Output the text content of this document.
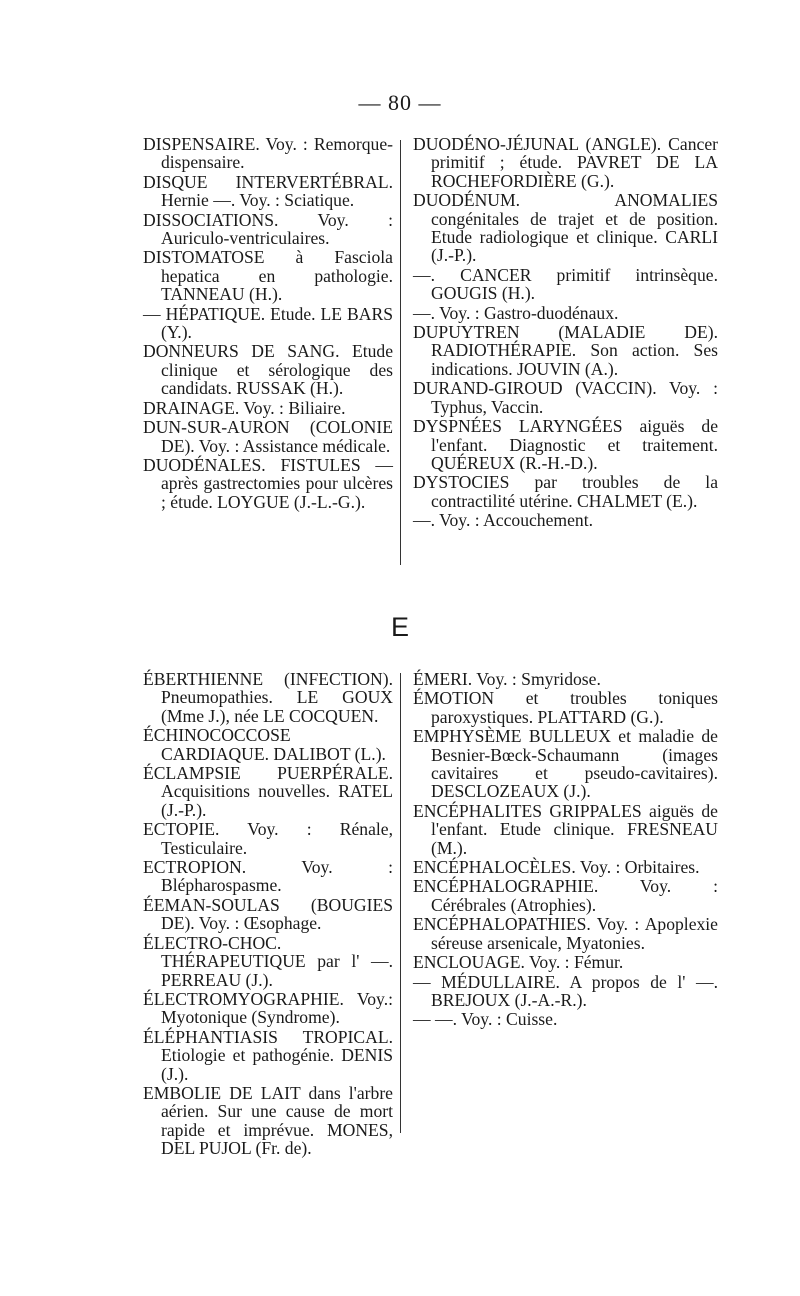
— 80 —

DISPENSAIRE. Voy. : Remorque-dispensaire.

DISQUE INTERVERTÉBRAL. Hernie —. Voy. : Sciatique.

DISSOCIATIONS. Voy. : Auriculo-ventriculaires.

DISTOMATOSE à Fasciola hepatica en pathologie. TANNEAU (H.).

— HÉPATIQUE. Etude. LE BARS (Y.).

DONNEURS DE SANG. Etude clinique et sérologique des candidats. RUSSAK (H.).

DRAINAGE. Voy. : Biliaire.

DUN-SUR-AURON (COLONIE DE). Voy. : Assistance médicale.

DUODÉNALES. FISTULES — après gastrectomies pour ulcères ; étude. LOYGUE (J.-L.-G.).

DUODÉNO-JÉJUNAL (ANGLE). Cancer primitif ; étude. PAVRET DE LA ROCHEFORDIÈRE (G.).

DUODÉNUM. ANOMALIES congénitales de trajet et de position. Etude radiologique et clinique. CARLI (J.-P.).

—. CANCER primitif intrinsèque. GOUGIS (H.).

—. Voy. : Gastro-duodénaux.

DUPUYTREN (MALADIE DE). RADIOTHÉRAPIE. Son action. Ses indications. JOUVIN (A.).

DURAND-GIROUD (VACCIN). Voy. : Typhus, Vaccin.

DYSPNÉES LARYNGÉES aiguës de l'enfant. Diagnostic et traitement. QUÉREUX (R.-H.-D.).

DYSTOCIES par troubles de la contractilité utérine. CHALMET (E.).

—. Voy. : Accouchement.

E

ÉBERTHIENNE (INFECTION). Pneumopathies. LE GOUX (Mme J.), née LE COCQUEN.

ÉCHINOCOCCOSE CARDIAQUE. DALIBOT (L.).

ÉCLAMPSIE PUERPÉRALE. Acquisitions nouvelles. RATEL (J.-P.).

ECTOPIE. Voy. : Rénale, Testiculaire.

ECTROPION. Voy. : Blépharospasme.

ÉEMAN-SOULAS (BOUGIES DE). Voy. : Œsophage.

ÉLECTRO-CHOC. THÉRAPEUTIQUE par l' —. PERREAU (J.).

ÉLECTROMYOGRAPHIE. Voy.: Myotonique (Syndrome).

ÉLÉPHANTIASIS TROPICAL. Etiologie et pathogénie. DENIS (J.).

EMBOLIE DE LAIT dans l'arbre aérien. Sur une cause de mort rapide et imprévue. MONES, DEL PUJOL (Fr. de).

ÉMERI. Voy. : Smyridose.

ÉMOTION et troubles toniques paroxystiques. PLATTARD (G.).

EMPHYSÈME BULLEUX et maladie de Besnier-Bœck-Schaumann (images cavitaires et pseudo-cavitaires). DESCLOZEAUX (J.).

ENCÉPHALITES GRIPPALES aiguës de l'enfant. Etude clinique. FRESNEAU (M.).

ENCÉPHALOCÈLES. Voy. : Orbitaires.

ENCÉPHALOGRAPHIE. Voy. : Cérébrales (Atrophies).

ENCÉPHALOPATHIES. Voy. : Apoplexie séreuse arsenicale, Myatonies.

ENCLOUAGE. Voy. : Fémur.

— MÉDULLAIRE. A propos de l' —. BREJOUX (J.-A.-R.).

— —. Voy. : Cuisse.
